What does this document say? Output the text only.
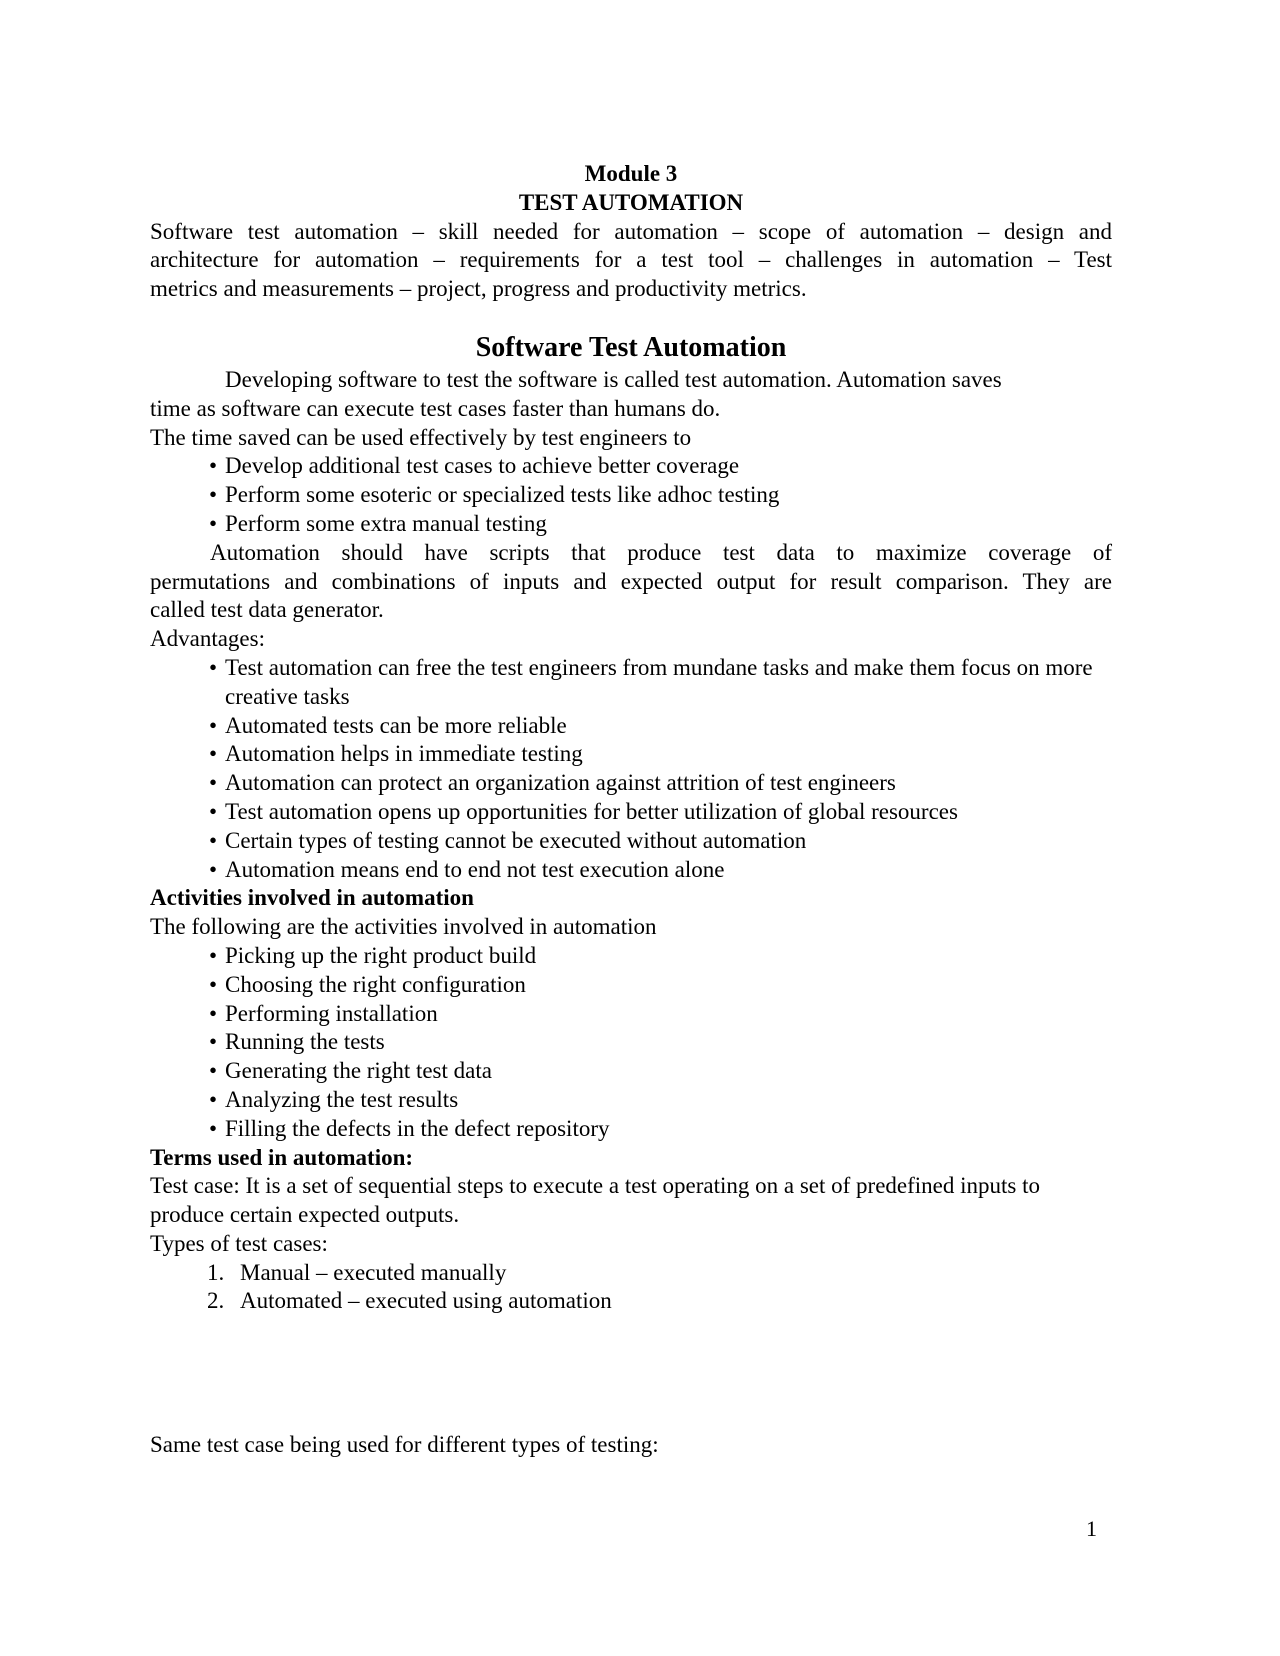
Module 3

TEST AUTOMATION

Software test automation – skill needed for automation – scope of automation – design and

architecture for automation – requirements for a test tool – challenges in automation – Test

metrics and measurements – project, progress and productivity metrics.

Software Test Automation

Developing software to test the software is called test automation. Automation saves

time as software can execute test cases faster than humans do.

The time saved can be used effectively by test engineers to

• Develop additional test cases to achieve better coverage
• Perform some esoteric or specialized tests like adhoc testing
• Perform some extra manual testing

Automation should have scripts that produce test data to maximize coverage of

permutations and combinations of inputs and expected output for result comparison. They are

called test data generator.

Advantages:

• Test automation can free the test engineers from mundane tasks and make them focus on more creative tasks
• Automated tests can be more reliable
• Automation helps in immediate testing
• Automation can protect an organization against attrition of test engineers
• Test automation opens up opportunities for better utilization of global resources
• Certain types of testing cannot be executed without automation
• Automation means end to end not test execution alone

Activities involved in automation

The following are the activities involved in automation

• Picking up the right product build
• Choosing the right configuration
• Performing installation
• Running the tests
• Generating the right test data
• Analyzing the test results
• Filling the defects in the defect repository

Terms used in automation:

Test case: It is a set of sequential steps to execute a test operating on a set of predefined inputs to

produce certain expected outputs.

Types of test cases:

1. Manual – executed manually
2. Automated – executed using automation

Same test case being used for different types of testing:

1
